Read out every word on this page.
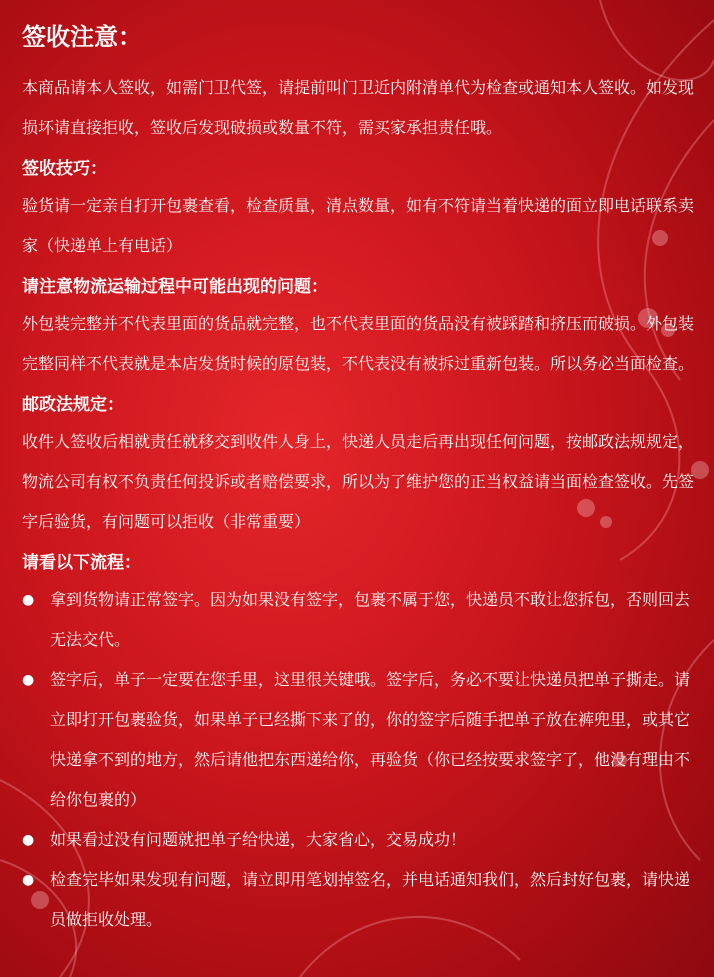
签收注意：
本商品请本人签收，如需门卫代签，请提前叫门卫近内附清单代为检查或通知本人签收。如发现损坏请直接拒收，签收后发现破损或数量不符，需买家承担责任哦。
签收技巧：
验货请一定亲自打开包裹查看，检查质量，清点数量，如有不符请当着快递的面立即电话联系卖家（快递单上有电话）
请注意物流运输过程中可能出现的问题：
外包装完整并不代表里面的货品就完整，也不代表里面的货品没有被踩踏和挤压而破损。外包装完整同样不代表就是本店发货时候的原包装，不代表没有被拆过重新包装。所以务必当面检查。
邮政法规定：
收件人签收后相就责任就移交到收件人身上，快递人员走后再出现任何问题，按邮政法规规定，物流公司有权不负责任何投诉或者赔偿要求，所以为了维护您的正当权益请当面检查签收。先签字后验货，有问题可以拒收（非常重要）
请看以下流程：
● 拿到货物请正常签字。因为如果没有签字，包裹不属于您，快递员不敢让您拆包，否则回去无法交代。
● 签字后，单子一定要在您手里，这里很关键哦。签字后，务必不要让快递员把单子撕走。请立即打开包裹验货，如果单子已经撕下来了的，你的签字后随手把单子放在裤兜里，或其它快递拿不到的地方，然后请他把东西递给你，再验货（你已经按要求签字了，他没有理由不给你包裹的）
● 如果看过没有问题就把单子给快递，大家省心，交易成功！
● 检查完毕如果发现有问题，请立即用笔划掉签名，并电话通知我们，然后封好包裹，请快递员做拒收处理。
